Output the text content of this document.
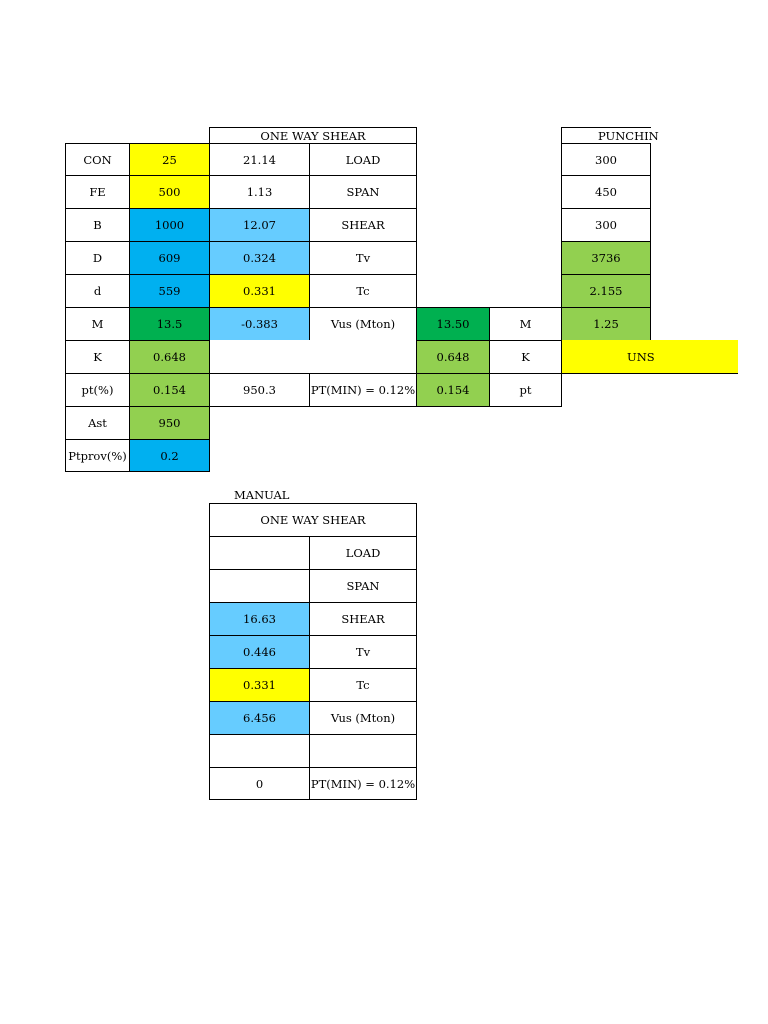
CON	25
FE	500
B	1000
D	609
d	559
M	13.5
K	0.648
pt(%)	0.154
Ast	950
Ptprov(%)	0.2
ONE WAY SHEAR
21.14	LOAD
1.13	SPAN
12.07	SHEAR
0.324	Tv
0.331	Tc
-0.383	Vus (Mton)
950.3	PT(MIN) = 0.12%
13.50	M
0.648	K
0.154	pt
PUNCHIN
300
450
300
3736
2.155
1.25
UNS
MANUAL
ONE WAY SHEAR
LOAD
SPAN
16.63	SHEAR
0.446	Tv
0.331	Tc
6.456	Vus (Mton)
0	PT(MIN) = 0.12%
